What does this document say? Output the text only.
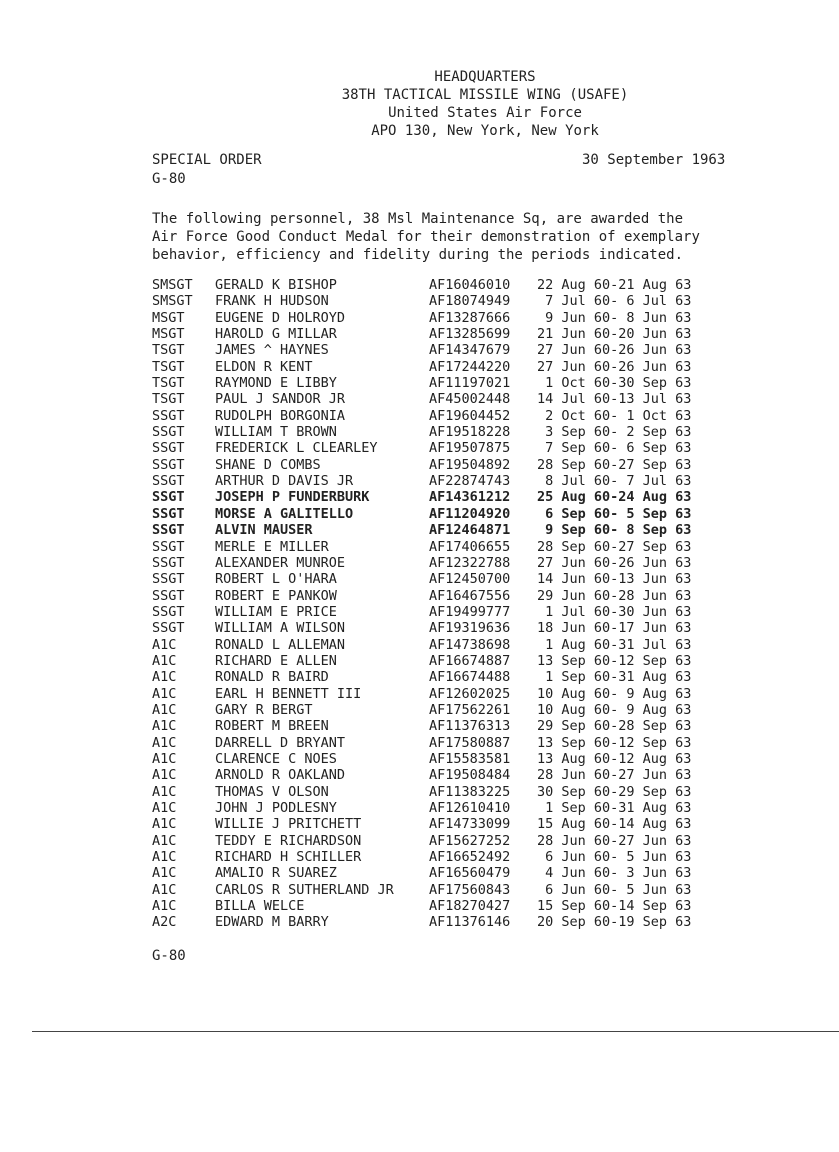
HEADQUARTERS
38TH TACTICAL MISSILE WING (USAFE)
United States Air Force
APO 130, New York, New York
SPECIAL ORDER
G-80
30 September 1963
The following personnel, 38 Msl Maintenance Sq, are awarded the
Air Force Good Conduct Medal for their demonstration of exemplary
behavior, efficiency and fidelity during the periods indicated.
SMSGT GERALD K BISHOP	AF16046010 22 Aug 60-21 Aug 63
SMSGT FRANK H HUDSON	AF18074949 7 Jul 60- 6 Jul 63
MSGT EUGENE D HOLROYD	AF13287666 9 Jun 60- 8 Jun 63
MSGT HAROLD G MILLAR	AF13285699 21 Jun 60-20 Jun 63
TSGT JAMES ^ HAYNES	AF14347679 27 Jun 60-26 Jun 63
TSGT ELDON R KENT	AF17244220 27 Jun 60-26 Jun 63
TSGT RAYMOND E LIBBY	AF11197021 1 Oct 60-30 Sep 63
TSGT PAUL J SANDOR JR	AF45002448 14 Jul 60-13 Jul 63
SSGT RUDOLPH BORGONIA	AF19604452 2 Oct 60- 1 Oct 63
SSGT WILLIAM T BROWN	AF19518228 3 Sep 60- 2 Sep 63
SSGT FREDERICK L CLEARLEY	AF19507875 7 Sep 60- 6 Sep 63
SSGT SHANE D COMBS	AF19504892 28 Sep 60-27 Sep 63
SSGT ARTHUR D DAVIS JR	AF22874743 8 Jul 60- 7 Jul 63
SSGT JOSEPH P FUNDERBURK	AF14361212 25 Aug 60-24 Aug 63
SSGT MORSE A GALITELLO	AF11204920 6 Sep 60- 5 Sep 63
SSGT ALVIN MAUSER	AF12464871 9 Sep 60- 8 Sep 63
SSGT MERLE E MILLER	AF17406655 28 Sep 60-27 Sep 63
SSGT ALEXANDER MUNROE	AF12322788 27 Jun 60-26 Jun 63
SSGT ROBERT L O'HARA	AF12450700 14 Jun 60-13 Jun 63
SSGT ROBERT E PANKOW	AF16467556 29 Jun 60-28 Jun 63
SSGT WILLIAM E PRICE	AF19499777 1 Jul 60-30 Jun 63
SSGT WILLIAM A WILSON	AF19319636 18 Jun 60-17 Jun 63
A1C	RONALD L ALLEMAN	AF14738698 1 Aug 60-31 Jul 63
A1C	RICHARD E ALLEN	AF16674887 13 Sep 60-12 Sep 63
A1C	RONALD R BAIRD	AF16674488 1 Sep 60-31 Aug 63
A1C	EARL H BENNETT III	AF12602025 10 Aug 60- 9 Aug 63
A1C	GARY R BERGT	AF17562261 10 Aug 60- 9 Aug 63
A1C	ROBERT M BREEN	AF11376313 29 Sep 60-28 Sep 63
A1C	DARRELL D BRYANT	AF17580887 13 Sep 60-12 Sep 63
A1C	CLARENCE C NOES	AF15583581 13 Aug 60-12 Aug 63
A1C	ARNOLD R OAKLAND	AF19508484 28 Jun 60-27 Jun 63
A1C	THOMAS V OLSON	AF11383225 30 Sep 60-29 Sep 63
A1C	JOHN J PODLESNY	AF12610410 1 Sep 60-31 Aug 63
A1C	WILLIE J PRITCHETT	AF14733099 15 Aug 60-14 Aug 63
A1C	TEDDY E RICHARDSON	AF15627252 28 Jun 60-27 Jun 63
A1C	RICHARD H SCHILLER	AF16652492 6 Jun 60- 5 Jun 63
A1C	AMALIO R SUAREZ	AF16560479 4 Jun 60- 3 Jun 63
A1C	CARLOS R SUTHERLAND JR	AF17560843 6 Jun 60- 5 Jun 63
A1C	BILLA WELCE	AF18270427 15 Sep 60-14 Sep 63
A2C	EDWARD M BARRY	AF11376146 20 Sep 60-19 Sep 63
G-80
